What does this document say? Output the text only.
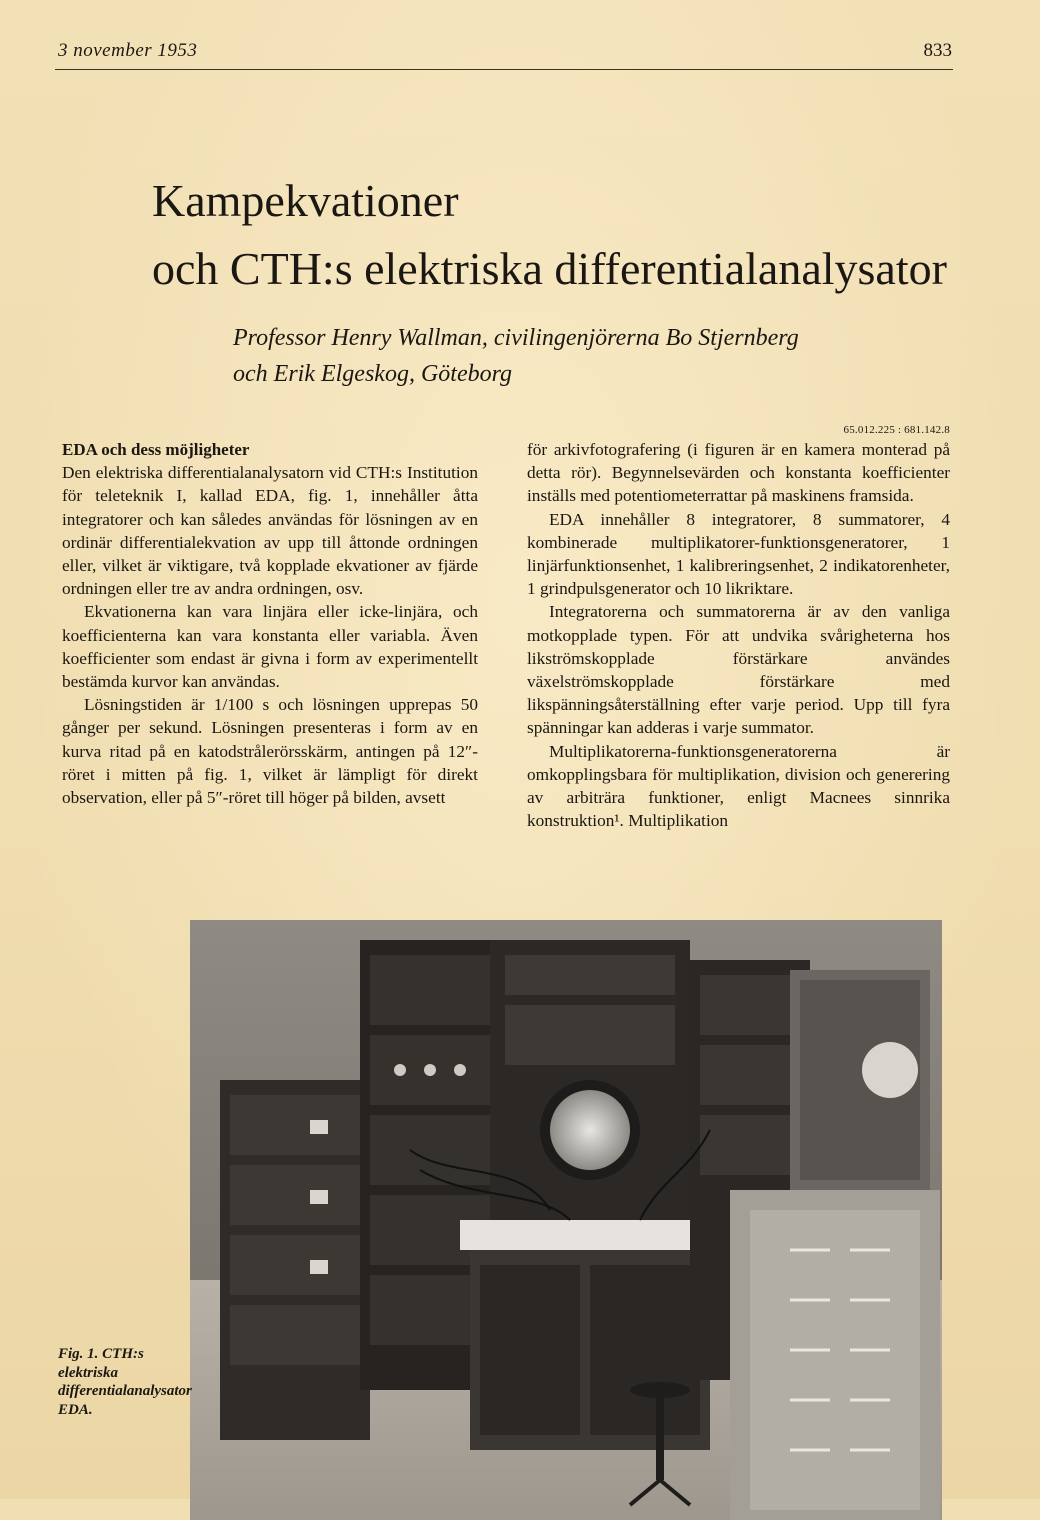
3 november 1953	833
Kampekvationer
och CTH:s elektriska differentialanalysator
Professor Henry Wallman, civilingenjörerna Bo Stjernberg
och Erik Elgeskog, Göteborg
65.012.225 : 681.142.8

EDA och dess möjligheter

Den elektriska differentialanalysatorn vid CTH:s Institution för teleteknik I, kallad EDA, fig. 1, innehåller åtta integratorer och kan således användas för lösningen av en ordinär differentialekvation av upp till åttonde ordningen eller, vilket är viktigare, två kopplade ekvationer av fjärde ordningen eller tre av andra ordningen, osv.

Ekvationerna kan vara linjära eller icke-linjära, och koefficienterna kan vara konstanta eller variabla. Även koefficienter som endast är givna i form av experimentellt bestämda kurvor kan användas.

Lösningstiden är 1/100 s och lösningen upprepas 50 gånger per sekund. Lösningen presenteras i form av en kurva ritad på en katodstrålerörsskärm, antingen på 12″-röret i mitten på fig. 1, vilket är lämpligt för direkt observation, eller på 5″-röret till höger på bilden, avsett

för arkivfotografering (i figuren är en kamera monterad på detta rör). Begynnelsevärden och konstanta koefficienter inställs med potentiometerrattar på maskinens framsida.

EDA innehåller 8 integratorer, 8 summatorer, 4 kombinerade multiplikatorer-funktionsgeneratorer, 1 linjärfunktionsenhet, 1 kalibreringsenhet, 2 indikatorenheter, 1 grindpulsgenerator och 10 likriktare.

Integratorerna och summatorerna är av den vanliga motkopplade typen. För att undvika svårigheterna hos likströmskopplade förstärkare användes växelströmskopplade förstärkare med likspänningsåterställning efter varje period. Upp till fyra spänningar kan adderas i varje summator.

Multiplikatorerna-funktionsgeneratorerna är omkopplingsbara för multiplikation, division och generering av arbiträra funktioner, enligt Macnees sinnrika konstruktion¹. Multiplikation

Fig. 1. CTH:s elektriska differentialanalysator EDA.
